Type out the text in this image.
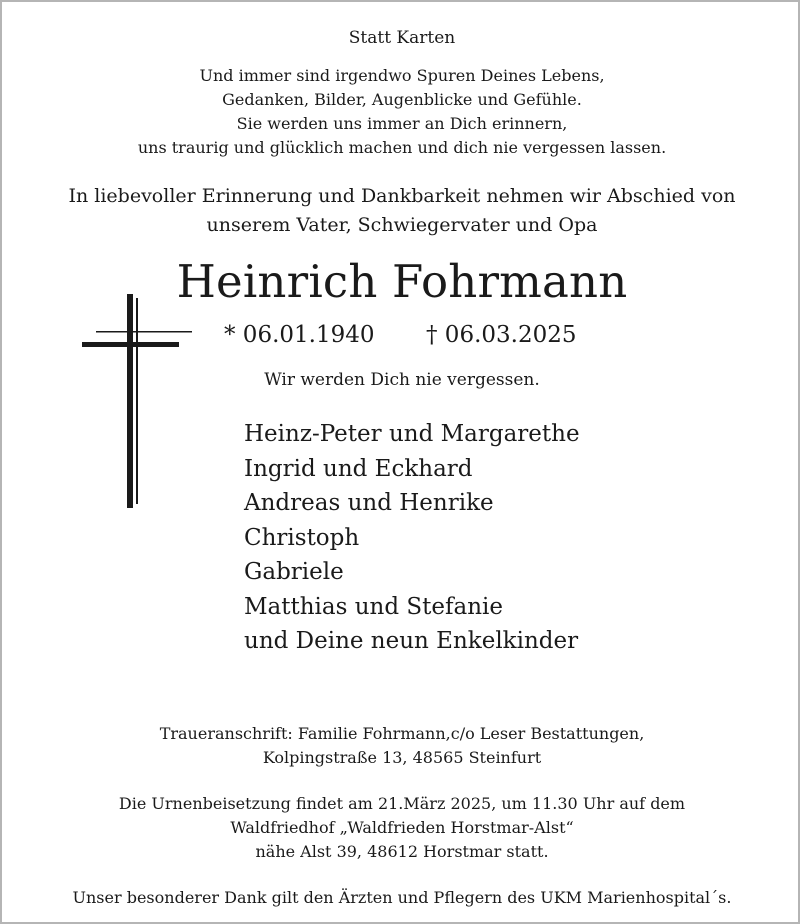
Statt Karten
Und immer sind irgendwo Spuren Deines Lebens,
Gedanken, Bilder, Augenblicke und Gefühle.
Sie werden uns immer an Dich erinnern,
uns traurig und glücklich machen und dich nie vergessen lassen.
In liebevoller Erinnerung und Dankbarkeit nehmen wir Abschied von
unserem Vater, Schwiegervater und Opa
Heinrich Fohrmann
* 06.01.1940 † 06.03.2025
Wir werden Dich nie vergessen.
Heinz-Peter und Margarethe
Ingrid und Eckhard
Andreas und Henrike
Christoph
Gabriele
Matthias und Stefanie
und Deine neun Enkelkinder
Traueranschrift: Familie Fohrmann,c/o Leser Bestattungen,
Kolpingstraße 13, 48565 Steinfurt
Die Urnenbeisetzung findet am 21.März 2025, um 11.30 Uhr auf dem
Waldfriedhof „Waldfrieden Horstmar-Alst“
nähe Alst 39, 48612 Horstmar statt.
Unser besonderer Dank gilt den Ärzten und Pflegern des UKM Marienhospital´s.
